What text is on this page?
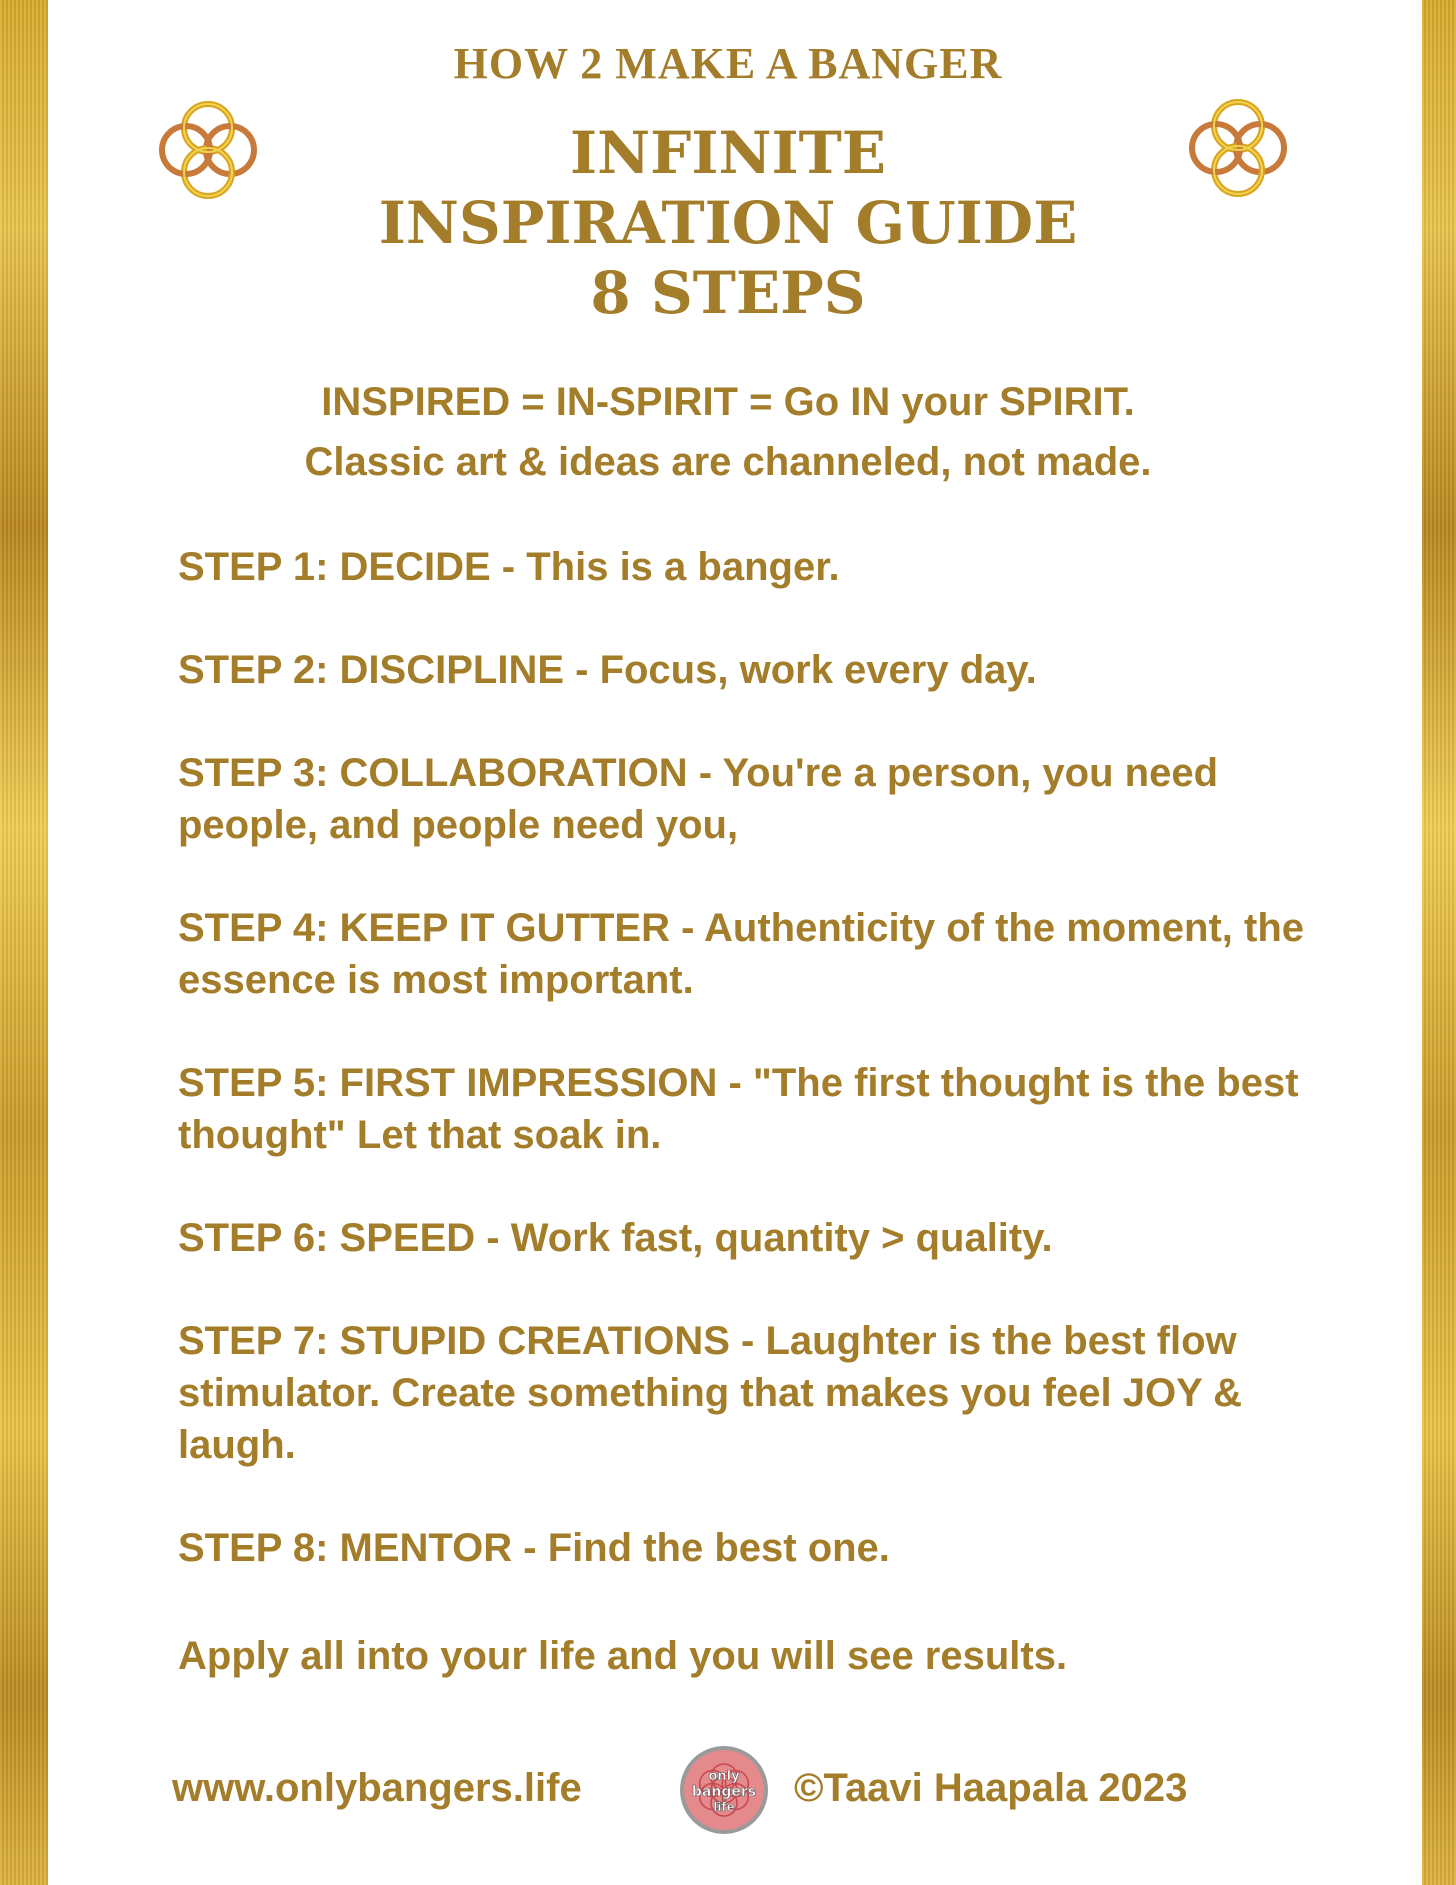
HOW 2 MAKE A BANGER
INFINITE
INSPIRATION GUIDE
8 STEPS
INSPIRED = IN-SPIRIT = Go IN your SPIRIT.
Classic art & ideas are channeled, not made.
STEP 1: DECIDE - This is a banger.
STEP 2: DISCIPLINE - Focus, work every day.
STEP 3: COLLABORATION - You're a person, you need people, and people need you,
STEP 4: KEEP IT GUTTER - Authenticity of the moment, the essence is most important.
STEP 5: FIRST IMPRESSION - "The first thought is the best thought" Let that soak in.
STEP 6: SPEED - Work fast, quantity > quality.
STEP 7: STUPID CREATIONS - Laughter is the best flow stimulator. Create something that makes you feel JOY & laugh.
STEP 8: MENTOR - Find the best one.
Apply all into your life and you will see results.
www.onlybangers.life	only
bangers
life ©Taavi Haapala 2023
